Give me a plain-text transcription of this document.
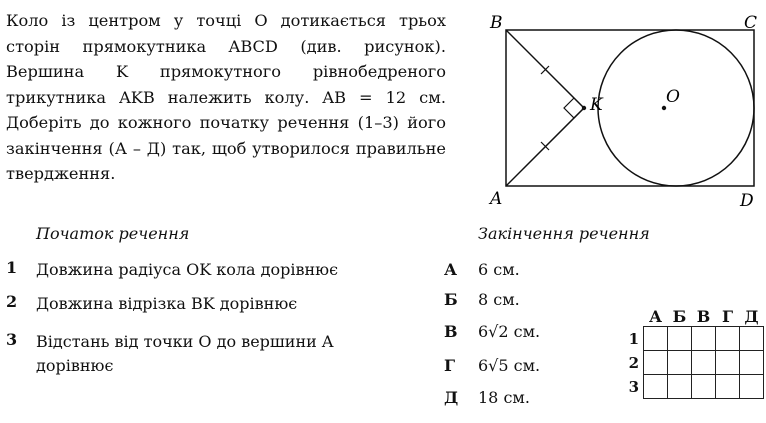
Коло із центром у точці O дотикається трьох сторін прямокутника ABCD (див. рисунок). Вершина K прямокутного рівнобедреного трикутника AKB належить колу. AB = 12 см. Доберіть до кожного початку речення (1–3) його закінчення (А – Д) так, щоб утворилося правильне твердження.

B	C
A	D
K	O
Початок речення	Закінчення речення
1 Довжина радіуса OK кола дорівнює
2 Довжина відрізка BK дорівнює
3 Відстань від точки O до вершини A дорівнює
А	6 см.
Б	8 см.
В	6√2 см.
Г	6√5 см.
Д	18 см.
	А	Б	В	Г	Д
1					
2					
3					
